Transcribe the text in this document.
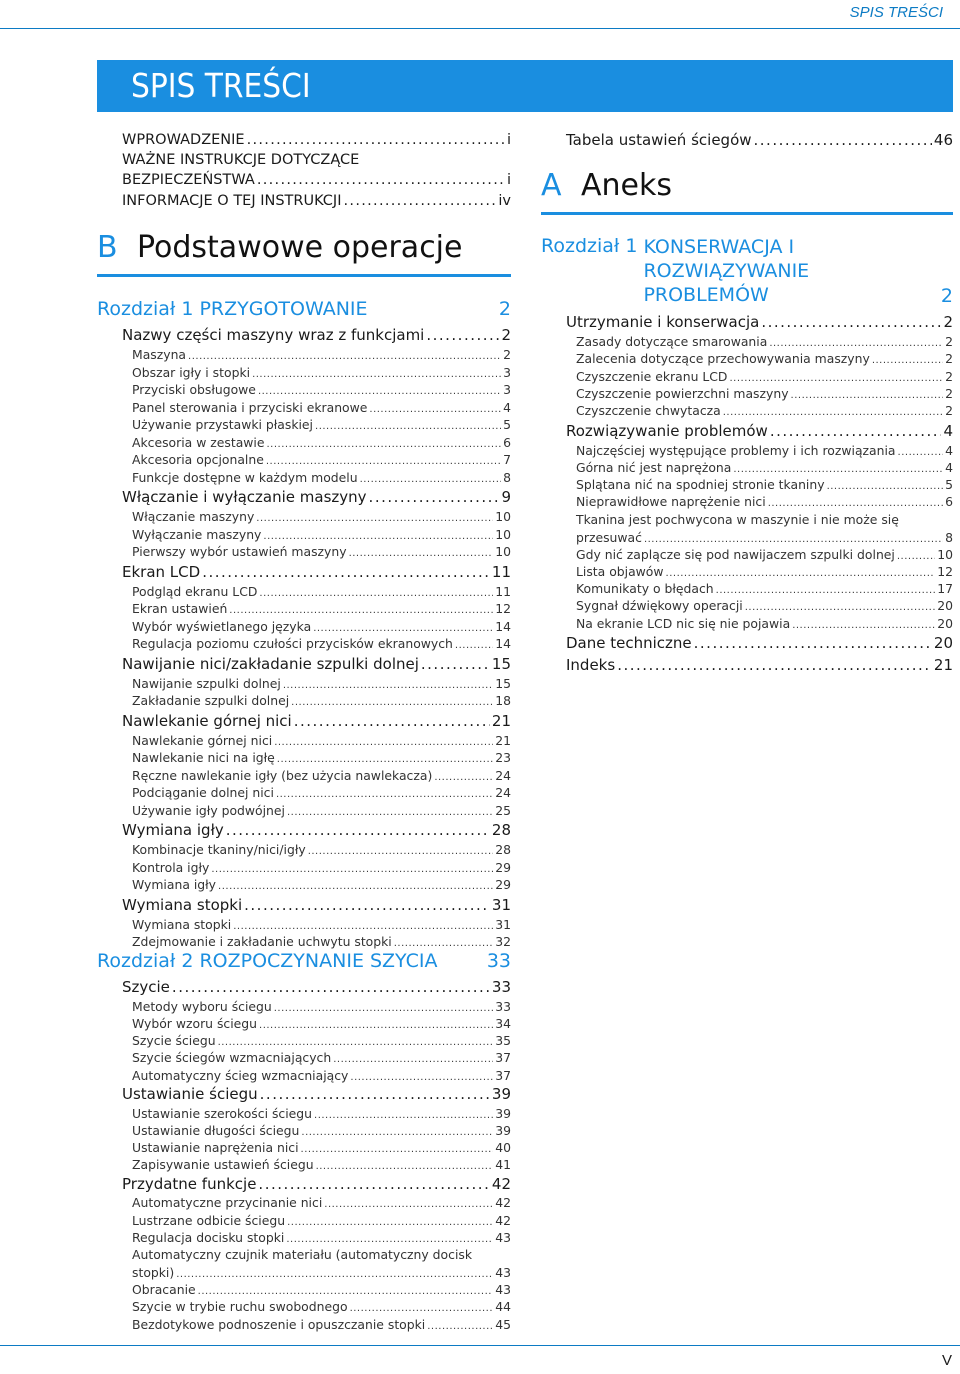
SPIS TREŚCI
SPIS TREŚCI
WPROWADZENIE .....	i
WAŻNE INSTRUKCJE DOTYCZĄCE
BEZPIECZEŃSTWA .....	i
INFORMACJE O TEJ INSTRUKCJI .....	iv
B Podstawowe operacje
Rozdział 1 PRZYGOTOWANIE	2
Nazwy części maszyny wraz z funkcjami .....	2
Maszyna .....	2
Obszar igły i stopki .....	3
Przyciski obsługowe .....	3
Panel sterowania i przyciski ekranowe .....	4
Używanie przystawki płaskiej .....	5
Akcesoria w zestawie .....	6
Akcesoria opcjonalne .....	7
Funkcje dostępne w każdym modelu .....	8
Włączanie i wyłączanie maszyny .....	9
Włączanie maszyny .....	10
Wyłączanie maszyny .....	10
Pierwszy wybór ustawień maszyny .....	10
Ekran LCD .....	11
Podgląd ekranu LCD .....	11
Ekran ustawień .....	12
Wybór wyświetlanego języka .....	14
Regulacja poziomu czułości przycisków ekranowych .....	14
Nawijanie nici/zakładanie szpulki dolnej .....	15
Nawijanie szpulki dolnej .....	15
Zakładanie szpulki dolnej .....	18
Nawlekanie górnej nici .....	21
Nawlekanie górnej nici .....	21
Nawlekanie nici na igłę .....	23
Ręczne nawlekanie igły (bez użycia nawlekacza) .....	24
Podciąganie dolnej nici .....	24
Używanie igły podwójnej .....	25
Wymiana igły .....	28
Kombinacje tkaniny/nici/igły .....	28
Kontrola igły .....	29
Wymiana igły .....	29
Wymiana stopki .....	31
Wymiana stopki .....	31
Zdejmowanie i zakładanie uchwytu stopki .....	32
Rozdział 2 ROZPOCZYNANIE SZYCIA	33
Szycie .....	33
Metody wyboru ściegu .....	33
Wybór wzoru ściegu .....	34
Szycie ściegu .....	35
Szycie ściegów wzmacniających .....	37
Automatyczny ścieg wzmacniający .....	37
Ustawianie ściegu .....	39
Ustawianie szerokości ściegu .....	39
Ustawianie długości ściegu .....	39
Ustawianie naprężenia nici .....	40
Zapisywanie ustawień ściegu .....	41
Przydatne funkcje .....	42
Automatyczne przycinanie nici .....	42
Lustrzane odbicie ściegu .....	42
Regulacja docisku stopki .....	43
Automatyczny czujnik materiału (automatyczny docisk
stopki) .....	43
Obracanie .....	43
Szycie w trybie ruchu swobodnego .....	44
Bezdotykowe podnoszenie i opuszczanie stopki .....	45
Tabela ustawień ściegów .....	46
A Aneks
Rozdział 1 KONSERWACJA I
ROZWIĄZYWANIE
PROBLEMÓW	2
Utrzymanie i konserwacja .....	2
Zasady dotyczące smarowania .....	2
Zalecenia dotyczące przechowywania maszyny .....	2
Czyszczenie ekranu LCD .....	2
Czyszczenie powierzchni maszyny .....	2
Czyszczenie chwytacza .....	2
Rozwiązywanie problemów .....	4
Najczęściej występujące problemy i ich rozwiązania .....	4
Górna nić jest naprężona .....	4
Splątana nić na spodniej stronie tkaniny .....	5
Nieprawidłowe naprężenie nici .....	6
Tkanina jest pochwycona w maszynie i nie może się
przesuwać .....	8
Gdy nić zaplącze się pod nawijaczem szpulki dolnej .....	10
Lista objawów .....	12
Komunikaty o błędach .....	17
Sygnał dźwiękowy operacji .....	20
Na ekranie LCD nic się nie pojawia .....	20
Dane techniczne .....	20
Indeks .....	21
V
